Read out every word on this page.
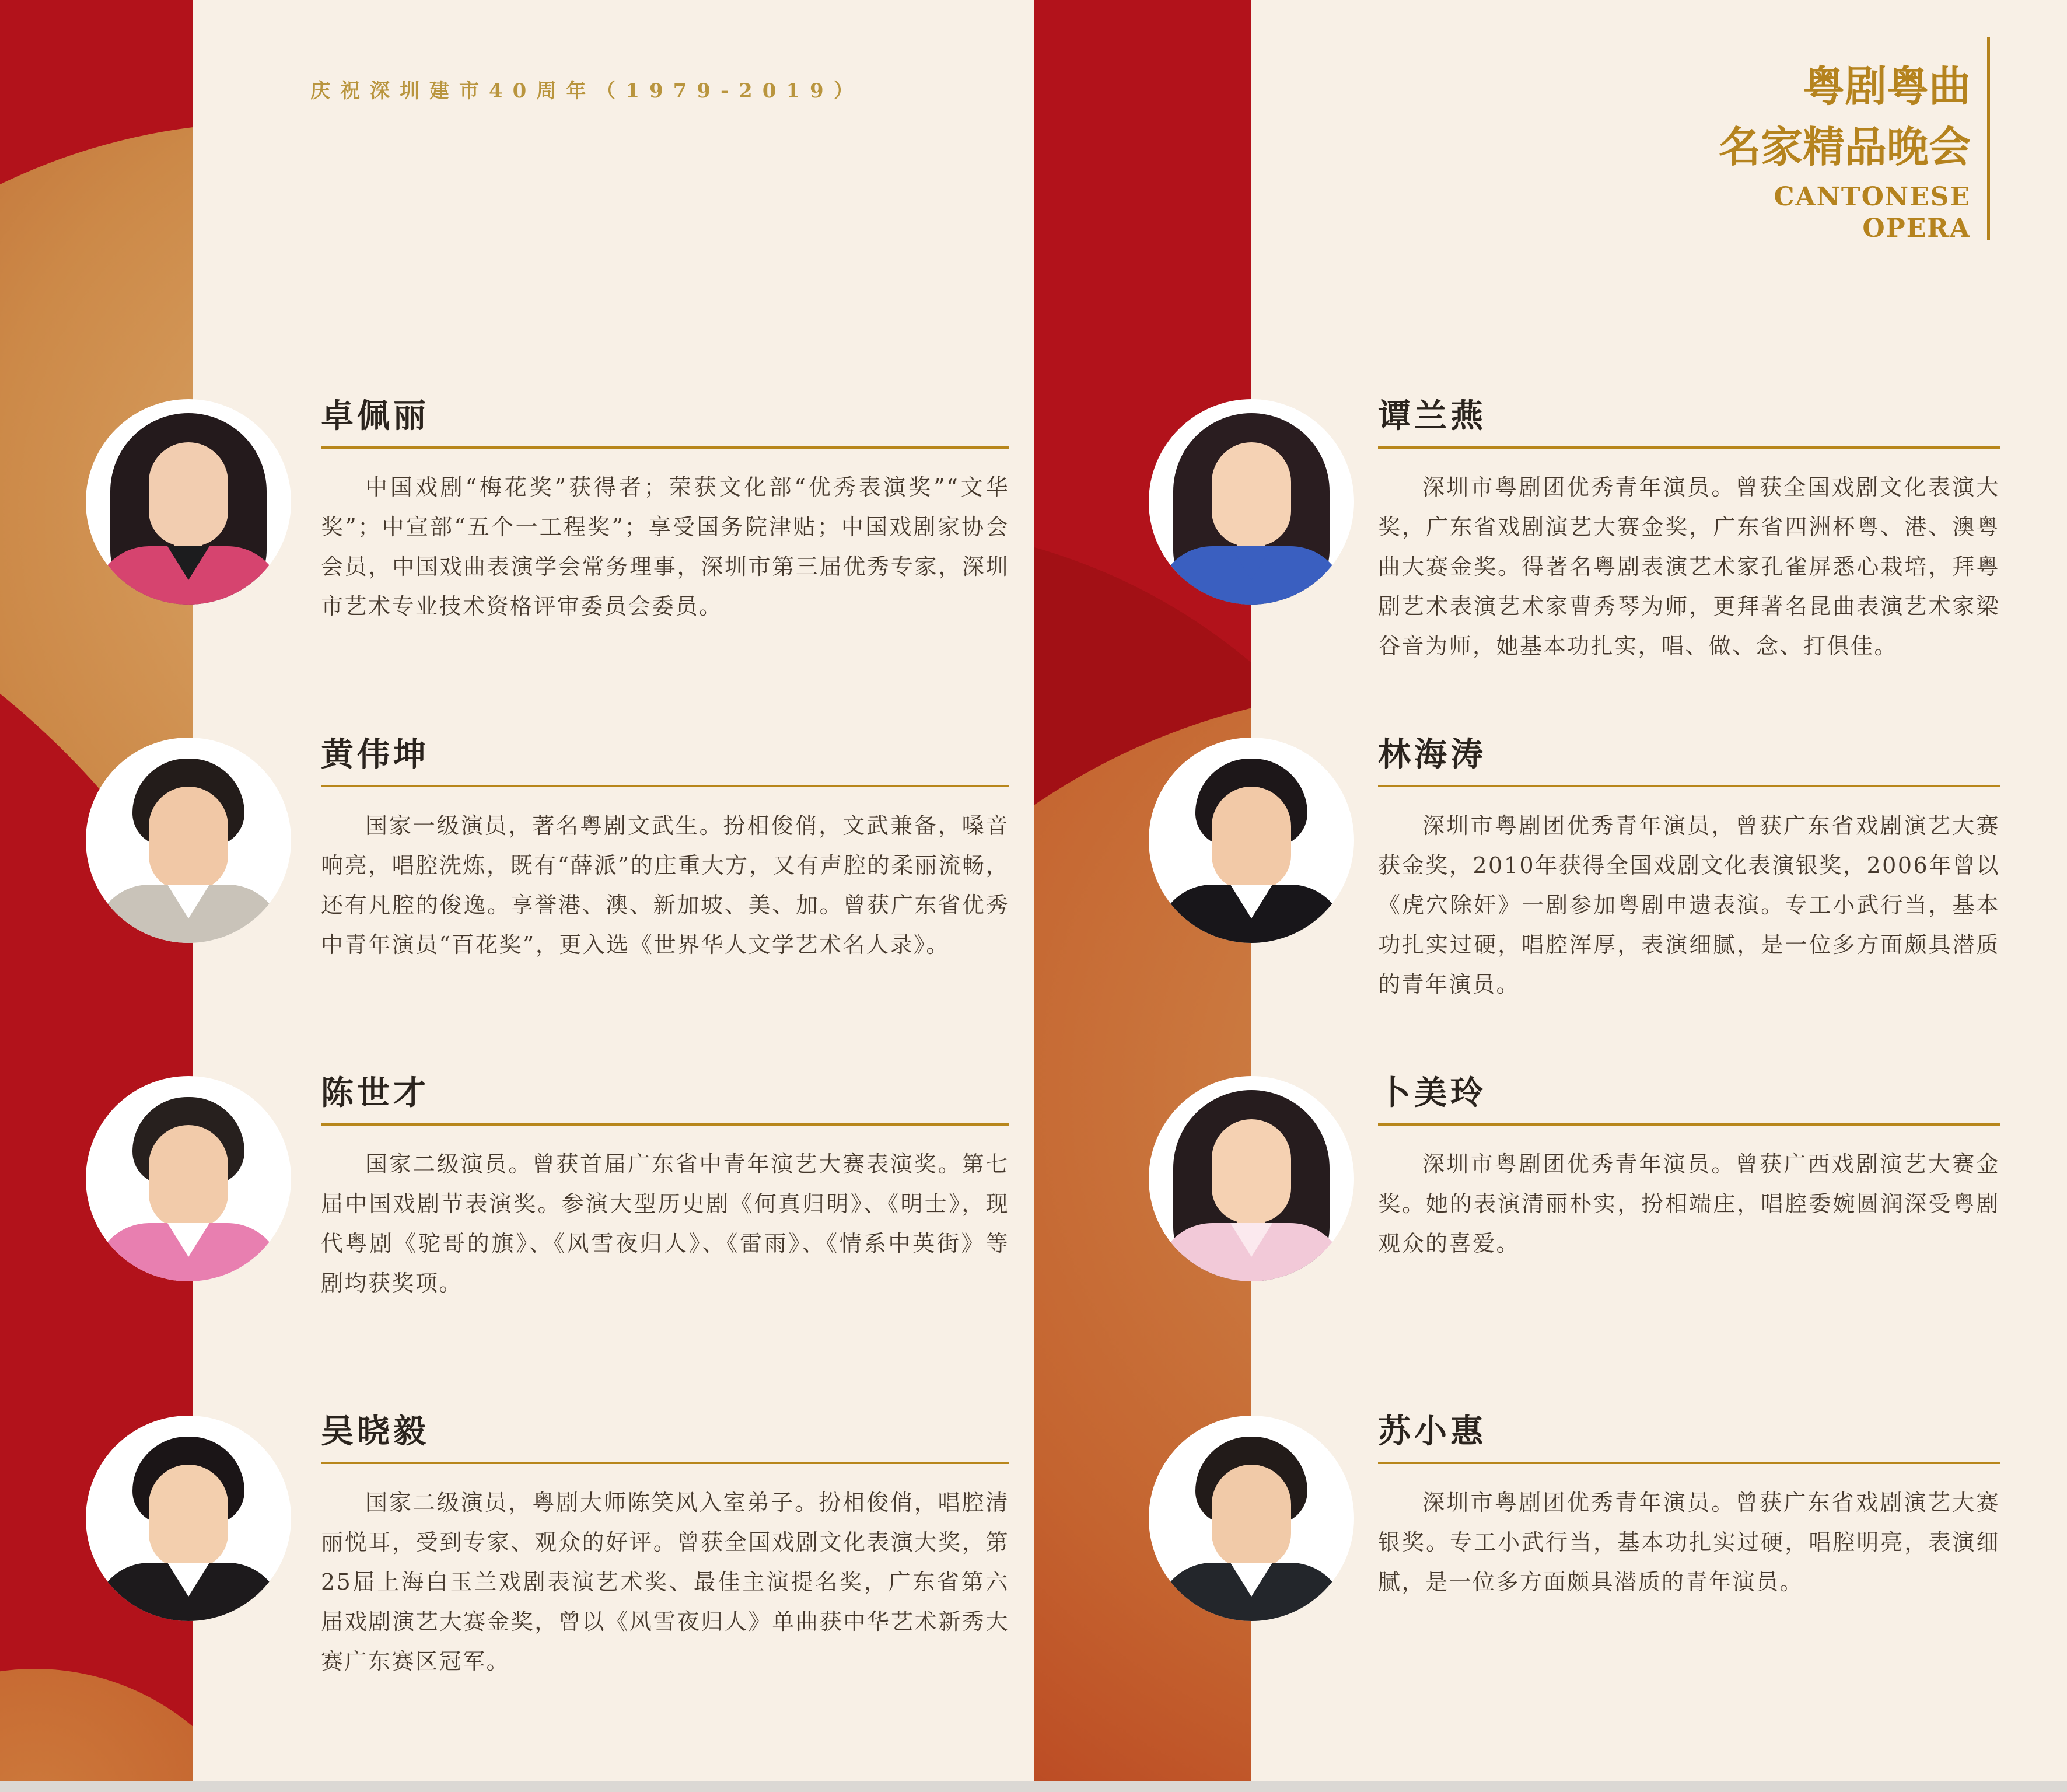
庆祝深圳建市40周年（1979-2019）	粤剧粤曲
名家精品晚会
CANTONESE
OPERA
卓佩丽

中国戏剧“梅花奖”获得者；荣获文化部“优秀表演奖”“文华奖”；中宣部“五个一工程奖”；享受国务院津贴；中国戏剧家协会会员，中国戏曲表演学会常务理事，深圳市第三届优秀专家，深圳市艺术专业技术资格评审委员会委员。

黄伟坤

国家一级演员，著名粤剧文武生。扮相俊俏，文武兼备，嗓音响亮，唱腔洗炼，既有“薛派”的庄重大方，又有声腔的柔丽流畅，还有凡腔的俊逸。享誉港、澳、新加坡、美、加。曾获广东省优秀中青年演员“百花奖”，更入选《世界华人文学艺术名人录》。

陈世才

国家二级演员。曾获首届广东省中青年演艺大赛表演奖。第七届中国戏剧节表演奖。参演大型历史剧《何真归明》、《明士》，现代粤剧《驼哥的旗》、《风雪夜归人》、《雷雨》、《情系中英街》等剧均获奖项。

吴晓毅

国家二级演员，粤剧大师陈笑风入室弟子。扮相俊俏，唱腔清丽悦耳，受到专家、观众的好评。曾获全国戏剧文化表演大奖，第25届上海白玉兰戏剧表演艺术奖、最佳主演提名奖，广东省第六届戏剧演艺大赛金奖，曾以《风雪夜归人》单曲获中华艺术新秀大赛广东赛区冠军。

谭兰燕

深圳市粤剧团优秀青年演员。曾获全国戏剧文化表演大奖，广东省戏剧演艺大赛金奖，广东省四洲杯粤、港、澳粤曲大赛金奖。得著名粤剧表演艺术家孔雀屏悉心栽培，拜粤剧艺术表演艺术家曹秀琴为师，更拜著名昆曲表演艺术家梁谷音为师，她基本功扎实，唱、做、念、打俱佳。

林海涛

深圳市粤剧团优秀青年演员，曾获广东省戏剧演艺大赛获金奖，2010年获得全国戏剧文化表演银奖，2006年曾以《虎穴除奸》一剧参加粤剧申遗表演。专工小武行当，基本功扎实过硬，唱腔浑厚，表演细腻，是一位多方面颇具潜质的青年演员。

卜美玲

深圳市粤剧团优秀青年演员。曾获广西戏剧演艺大赛金奖。她的表演清丽朴实，扮相端庄，唱腔委婉圆润深受粤剧观众的喜爱。

苏小惠

深圳市粤剧团优秀青年演员。曾获广东省戏剧演艺大赛银奖。专工小武行当，基本功扎实过硬，唱腔明亮，表演细腻，是一位多方面颇具潜质的青年演员。
